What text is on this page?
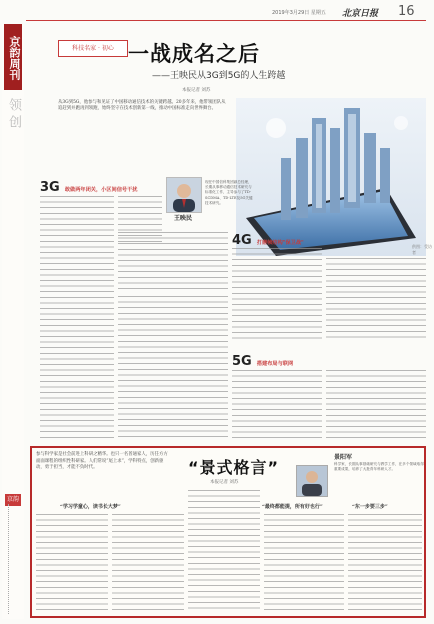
2019年3月29日 星期五 北京日报 16
京韵周刊
领创
京韵
科技名家 · 初心 一战成名之后
——王映民从3G到5G的人生跨越
本报记者 刘苏
从3G到5G，他参与和见证了中国移动通信技术的关键跨越。20多年来，他带领团队从追赶到并跑再到领跑，始终坚守在技术创新第一线，推动中国标准走向世界舞台。
3G 敢做两年闭关，小区间信号干扰
王映民
现任中国信科集团副总经理，长期从事移动通信技术研究与标准化工作，主导参与了TD-SCDMA、TD-LTE及5G关键技术研究。
供图：受访者
4G 打磨帧结构"保卫战"
5G 搭建布局与联网
参与科学家是社会前进上科研之精华。也只一名普通家人，历任方方面面课程的组织性科研家。人们常说“尾上求”，学科特点，创新驱动，勇于担当，才能不负时代。	“景式格言”
本报记者 刘苏
景阳军
科学家，长期从事基础研究与教学工作，在多个领域取得重要成果，培养了大批青年科研人才。
“学习学童心，读书长大梦”	“最终都能提，所有好也行”	“东一步要三步”
